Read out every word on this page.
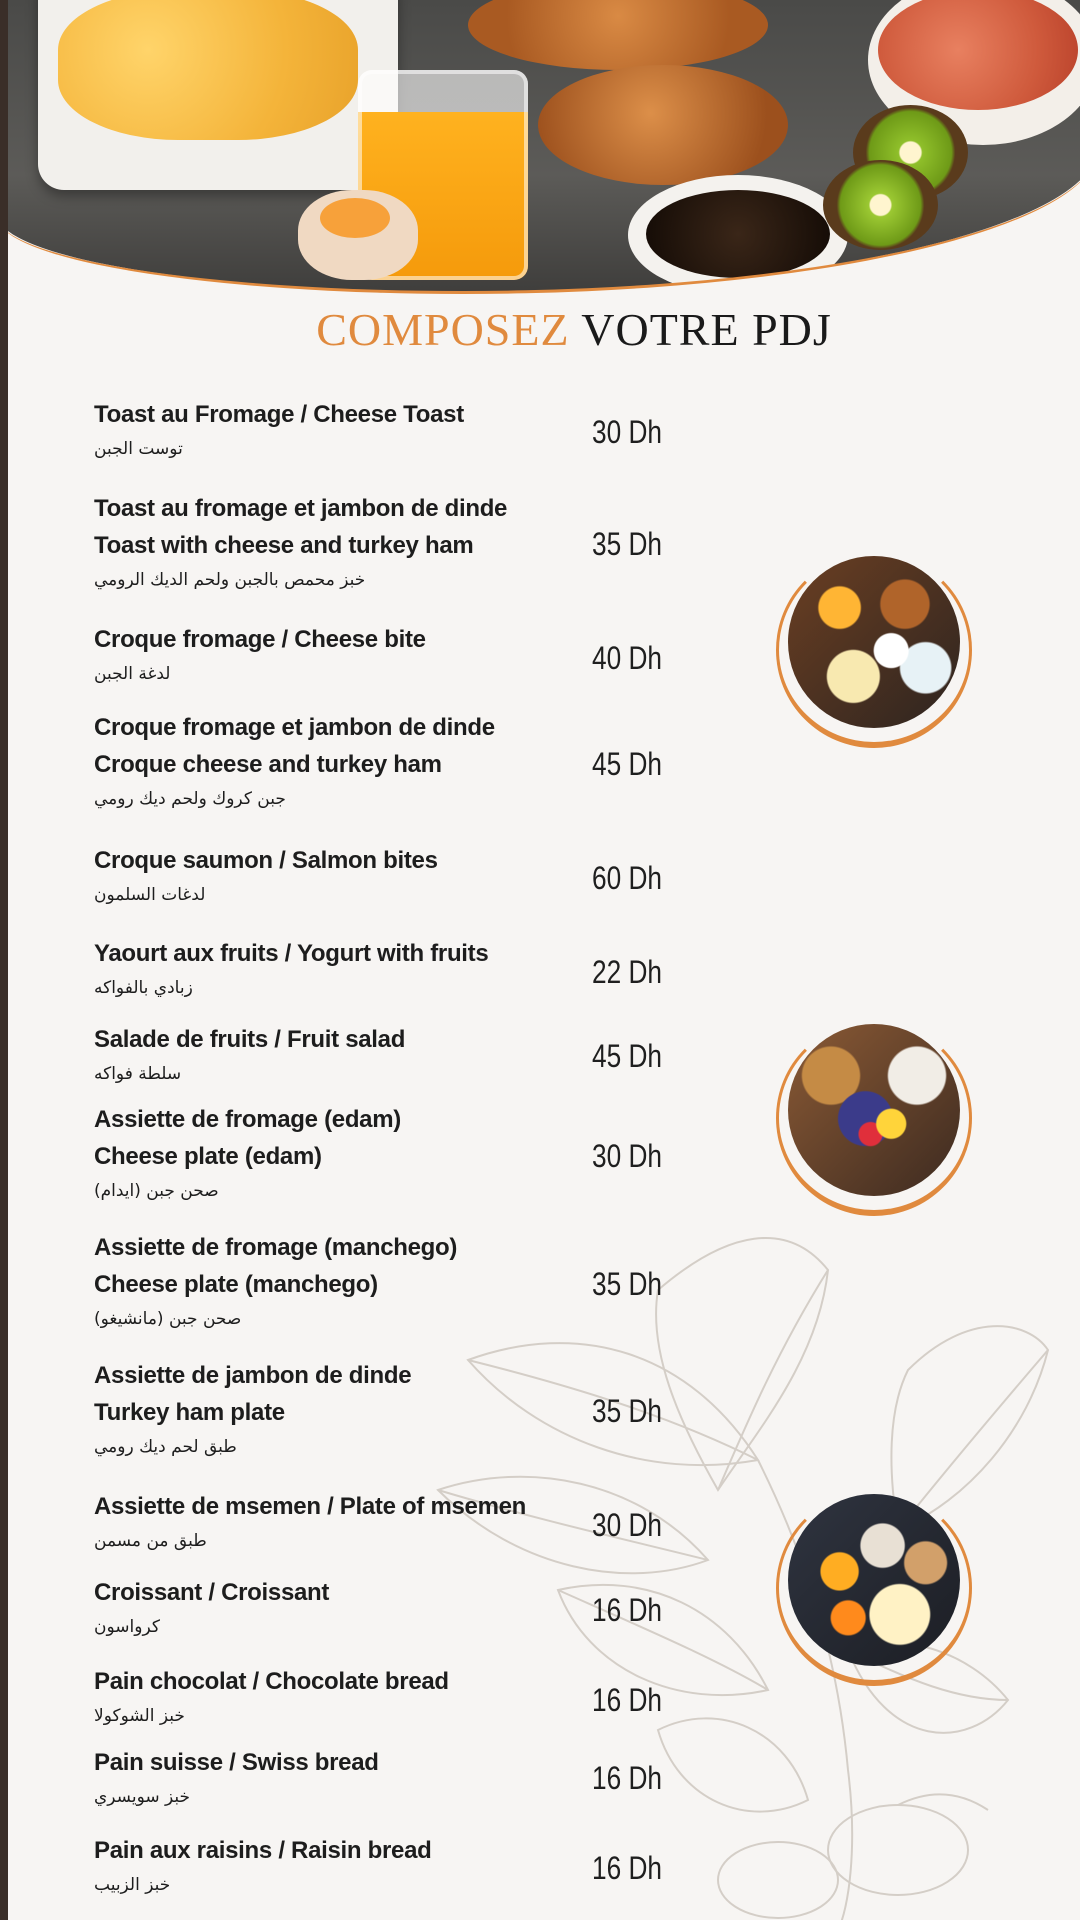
COMPOSEZ VOTRE PDJ
Toast au Fromage / Cheese Toast
توست الجبن	30 Dh
Toast au fromage et jambon de dinde
Toast with cheese and turkey ham
خبز محمص بالجبن ولحم الديك الرومي
35 Dh
Croque fromage / Cheese bite
لدغة الجبن	40 Dh
Croque fromage et jambon de dinde
Croque cheese and turkey ham
جبن كروك ولحم ديك رومي
45 Dh
Croque saumon / Salmon bites
لدغات السلمون	60 Dh
Yaourt aux fruits / Yogurt with fruits
زبادي بالفواكه	22 Dh
Salade de fruits / Fruit salad
سلطة فواكه	45 Dh
Assiette de fromage (edam)
Cheese plate (edam)
صحن جبن (ايدام)
30 Dh
Assiette de fromage (manchego)
Cheese plate (manchego)
صحن جبن (مانشيغو)
35 Dh
Assiette de jambon de dinde
Turkey ham plate
طبق لحم ديك رومي
35 Dh
Assiette de msemen / Plate of msemen
طبق من مسمن	30 Dh
Croissant / Croissant
كرواسون	16 Dh
Pain chocolat / Chocolate bread
خبز الشوكولا	16 Dh
Pain suisse / Swiss bread
خبز سويسري
16 Dh
Pain aux raisins / Raisin bread
خبز الزبيب	16 Dh
